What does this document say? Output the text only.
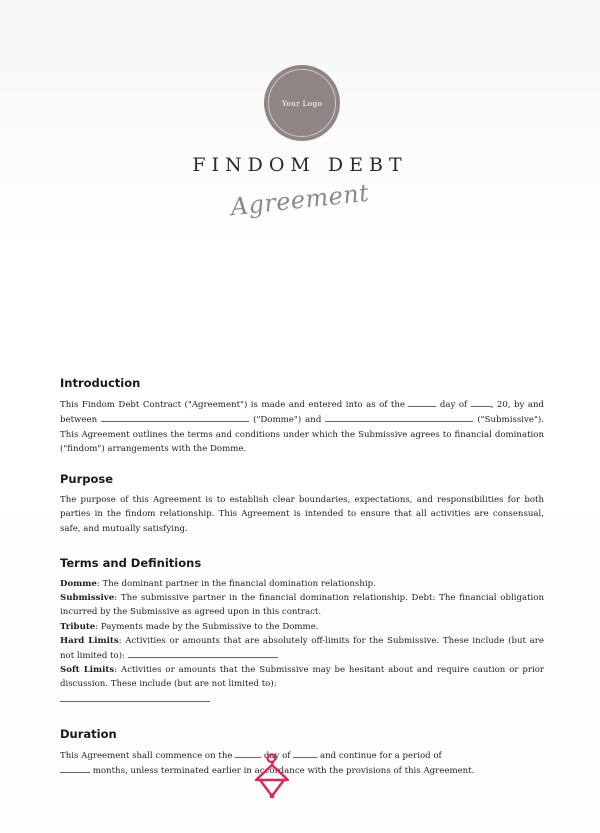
Your Logo
FINDOM DEBT
Agreement
Introduction

This Findom Debt Contract ("Agreement") is made and entered into as of the	day of	, 20, by and between	("Domme") and	("Submissive"). This Agreement outlines the terms and conditions under which the Submissive agrees to financial domination ("findom") arrangements with the Domme.

Purpose

The purpose of this Agreement is to establish clear boundaries, expectations, and responsibilities for both parties in the findom relationship. This Agreement is intended to ensure that all activities are consensual, safe, and mutually satisfying.

Terms and Definitions

Domme: The dominant partner in the financial domination relationship.

Submissive: The submissive partner in the financial domination relationship. Debt: The financial obligation incurred by the Submissive as agreed upon in this contract.

Tribute: Payments made by the Submissive to the Domme.

Hard Limits: Activities or amounts that are absolutely off-limits for the Submissive. These include (but are not limited to):

Soft Limits: Activities or amounts that the Submissive may be hesitant about and require caution or prior discussion. These include (but are not limited to):

Duration

This Agreement shall commence on the	day of	and continue for a period of
months, unless terminated earlier in accordance with the provisions of this Agreement.
